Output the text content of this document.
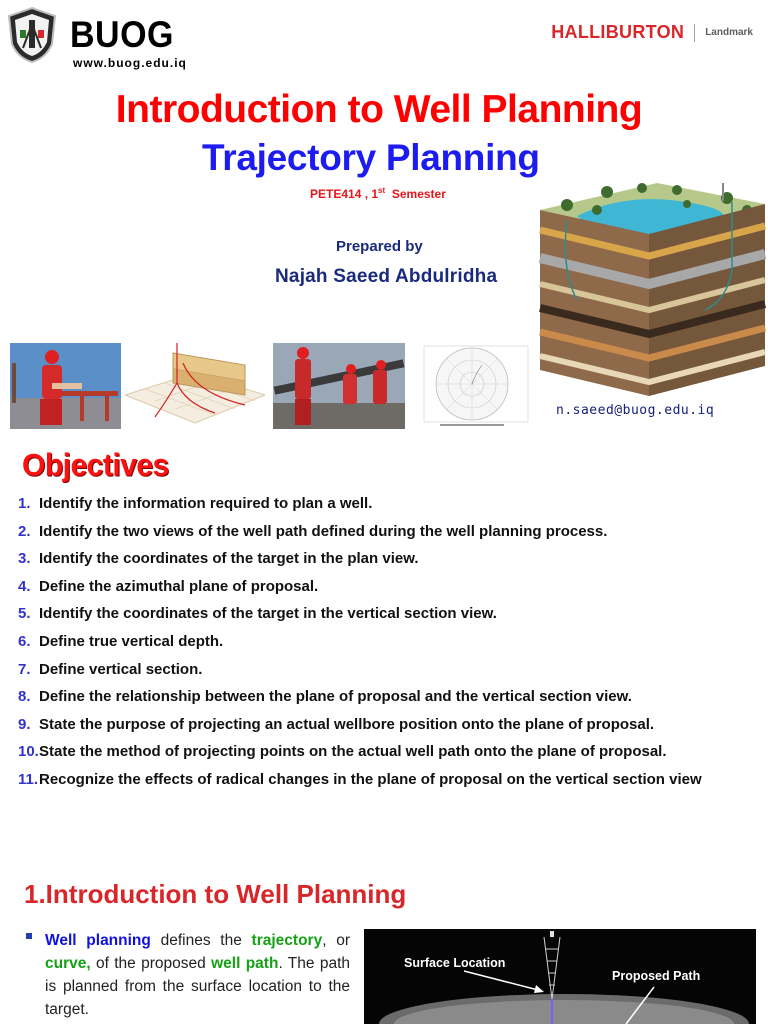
BUOG
www.buog.edu.iq
HALLIBURTON Landmark
Introduction to Well Planning
Trajectory Planning
PETE414 , 1st Semester
Prepared by
Najah Saeed Abdulridha
n.saeed@buog.edu.iq
Objectives
1. Identify the information required to plan a well.
2. Identify the two views of the well path defined during the well planning process.
3. Identify the coordinates of the target in the plan view.
4. Define the azimuthal plane of proposal.
5. Identify the coordinates of the target in the vertical section view.
6. Define true vertical depth.
7. Define vertical section.
8. Define the relationship between the plane of proposal and the vertical section view.
9. State the purpose of projecting an actual wellbore position onto the plane of proposal.
10. State the method of projecting points on the actual well path onto the plane of proposal.
11. Recognize the effects of radical changes in the plane of proposal on the vertical section view
1.Introduction to Well Planning
Well planning defines the trajectory, or curve, of the proposed well path. The path is planned from the surface location to the target.
Surface Location
Proposed Path
